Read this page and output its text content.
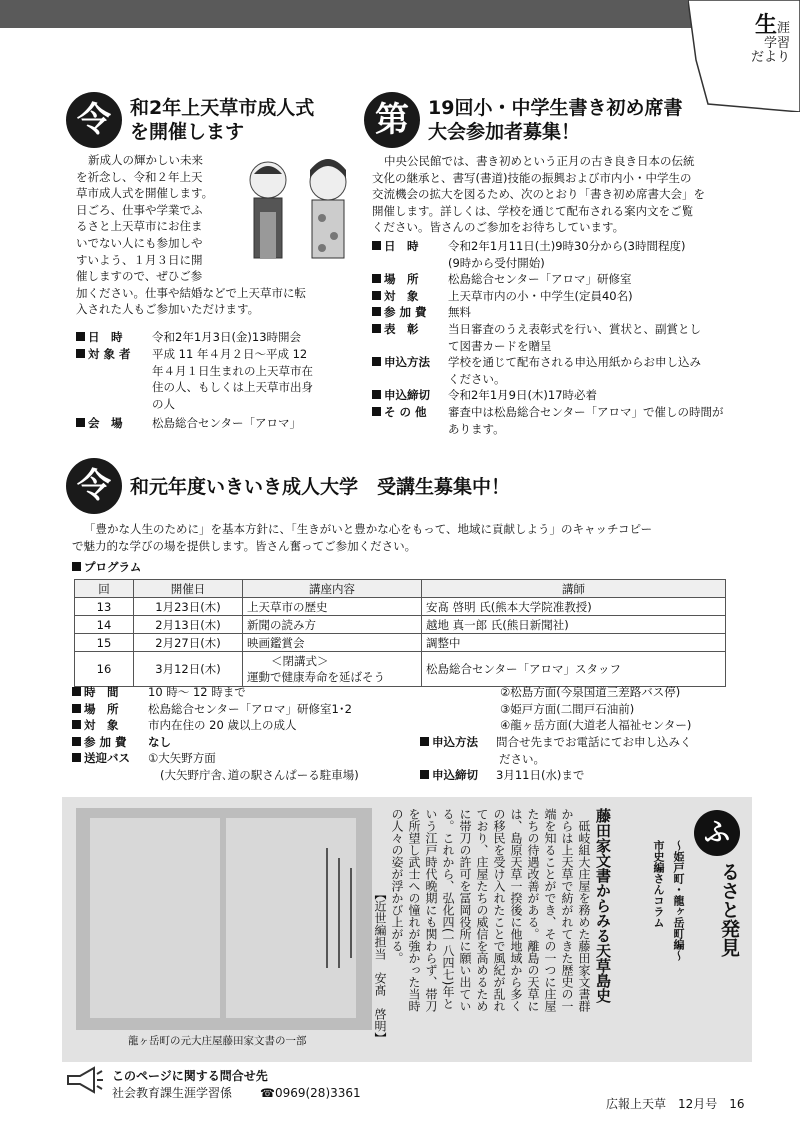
生涯
学習
だより
令	和2年上天草市成人式
を開催します
新成人の輝かしい未来
を祈念し、令和２年上天
草市成人式を開催します。
日ごろ、仕事や学業でふ
るさと上天草市にお住ま
いでない人にも参加しや
すいよう、１月３日に開
催しますので、ぜひご参
加ください。仕事や結婚などで上天草市に転
入された人もご参加いただけます。
日　時	令和2年1月3日(金)13時開会
対 象 者	平成 11 年４月２日〜平成 12
年４月１日生まれの上天草市在
住の人、もしくは上天草市出身
の人
会　場	松島総合センター「アロマ」
第	19回小・中学生書き初め席書
大会参加者募集！
中央公民館では、書き初めという正月の古き良き日本の伝統
文化の継承と、書写(書道)技能の振興および市内小・中学生の
交流機会の拡大を図るため、次のとおり「書き初め席書大会」を
開催します。詳しくは、学校を通じて配布される案内文をご覧
ください。皆さんのご参加をお待ちしています。
日　時	令和2年1月11日(土)9時30分から(3時間程度)
(9時から受付開始)
場　所	松島総合センター「アロマ」研修室
対　象	上天草市内の小・中学生(定員40名)
参 加 費 無料
表　彰	当日審査のうえ表彰式を行い、賞状と、副賞とし
て図書カードを贈呈
申込方法 学校を通じて配布される申込用紙からお申し込み
ください。
申込締切 令和2年1月9日(木)17時必着
そ の 他 審査中は松島総合センター「アロマ」で催しの時間が
あります。
令	和元年度いきいき成人大学　受講生募集中！
「豊かな人生のために」を基本方針に、「生きがいと豊かな心をもって、地域に貢献しよう」のキャッチコピー
で魅力的な学びの場を提供します。皆さん奮ってご参加ください。
プログラム
回	開催日	講座内容	講師
13	1月23日(木)	上天草市の歴史	安髙 啓明 氏(熊本大学院准教授)
14	2月13日(木)	新聞の読み方	越地 真一郎 氏(熊日新聞社)
15	2月27日(木)	映画鑑賞会	調整中
16	3月12日(木)	＜閉講式＞
運動で健康寿命を延ばそう	松島総合センター「アロマ」スタッフ
時　間	10 時〜 12 時まで
場　所	松島総合センター「アロマ」研修室1･2
対　象	市内在住の 20 歳以上の成人
参 加 費 なし
送迎バス ①大矢野方面
(大矢野庁舎､道の駅さんぱーる駐車場)
②松島方面(今泉国道三差路バス停)
③姫戸方面(二間戸石油前)
④龍ヶ岳方面(大道老人福祉センター)
申込方法 問合せ先までお電話にてお申し込みく
ださい。
申込締切 3月11日(水)まで
龍ヶ岳町の元大庄屋藤田家文書の一部
藤田家文書からみる天草島史
砥岐組大庄屋を務めた藤田家文書群
からは上天草で紡がれてきた歴史の一
端を知ることができ、その一つに庄屋
たちの待遇改善がある。離島の天草に
は、島原天草一揆後に他地域から多く
の移民を受け入れたことで風紀が乱れ
ており、庄屋たちの威信を高めるため
に帯刀の許可を冨岡役所に願い出てい
る。これから、弘化四(一八四七)年と
いう江戸時代晩期にも関わらず、帯刀
を所望し武士への憧れが強かった当時
の人々の姿が浮かび上がる。
【近世編担当　安髙　啓明】
ふ
るさと発見
〜姫戸町・龍ヶ岳町編〜
市史編さんコラム
このページに関する問合せ先
社会教育課生涯学習係 ☎0969(28)3361
広報上天草　12月号　16
